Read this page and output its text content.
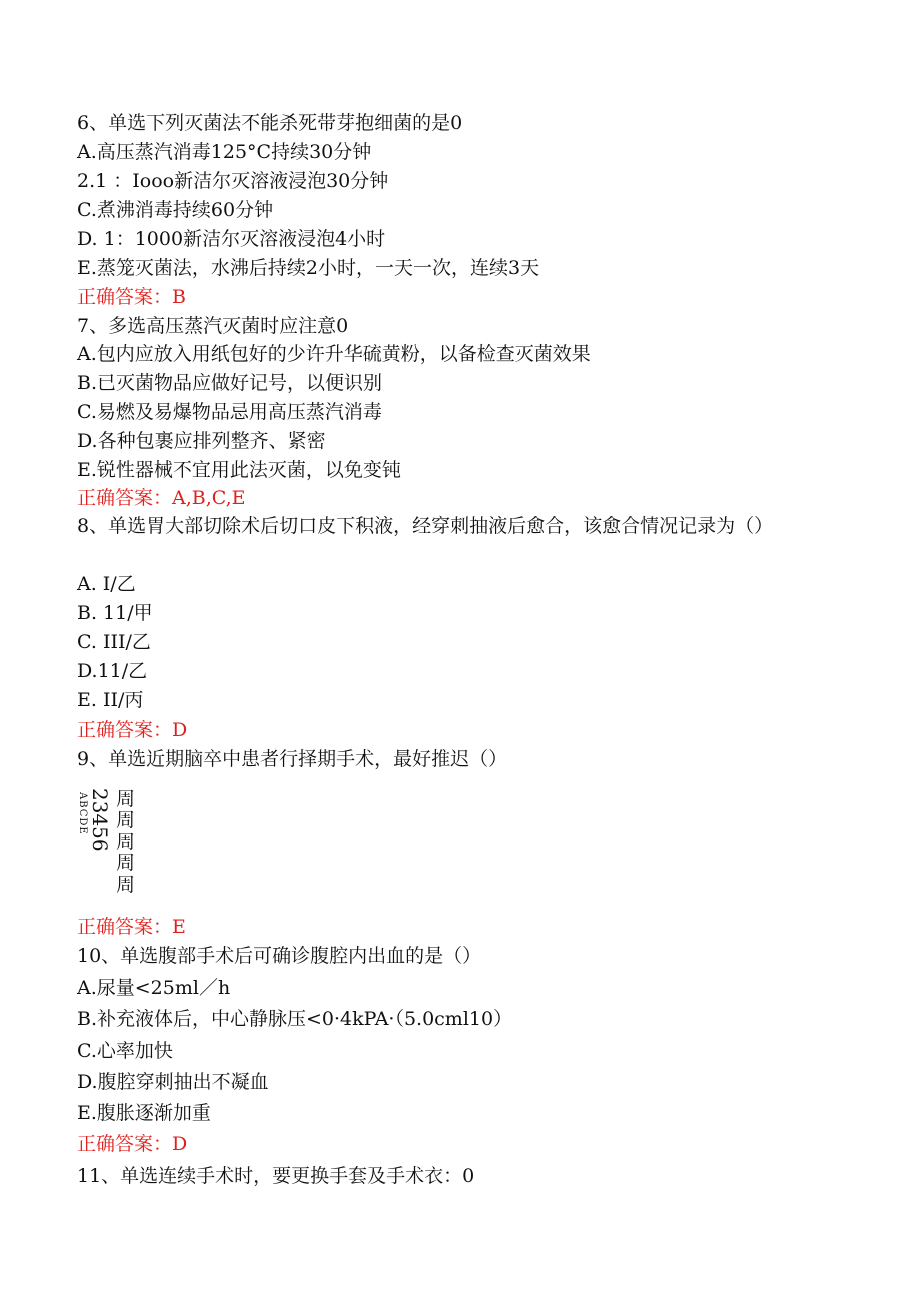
6、单选下列灭菌法不能杀死带芽抱细菌的是0
A.高压蒸汽消毒125°C持续30分钟
2.1 ：Iooo新洁尔灭溶液浸泡30分钟
C.煮沸消毒持续60分钟
D. 1：1000新洁尔灭溶液浸泡4小时
E.蒸笼灭菌法，水沸后持续2小时，一天一次，连续3天
正确答案：B
7、多选高压蒸汽灭菌时应注意0
A.包内应放入用纸包好的少许升华硫黄粉，以备检查灭菌效果
B.已灭菌物品应做好记号，以便识别
C.易燃及易爆物品忌用高压蒸汽消毒
D.各种包裹应排列整齐、紧密
E.锐性器械不宜用此法灭菌，以免变钝
正确答案：A,B,C,E
8、单选胃大部切除术后切口皮下积液，经穿刺抽液后愈合，该愈合情况记录为（）
A. I/乙
B. 11/甲
C. III/乙
D.11/乙
E. II/丙
正确答案：D
9、单选近期脑卒中患者行择期手术，最好推迟（）
ABCDE 23456 周
周
周
周
周
正确答案：E
10、单选腹部手术后可确诊腹腔内出血的是（）
A.尿量<25ml／h
B.补充液体后，中心静脉压<0·4kPA·（5.0cml10）
C.心率加快
D.腹腔穿刺抽出不凝血
E.腹胀逐渐加重
正确答案：D
11、单选连续手术时，要更换手套及手术衣：0
